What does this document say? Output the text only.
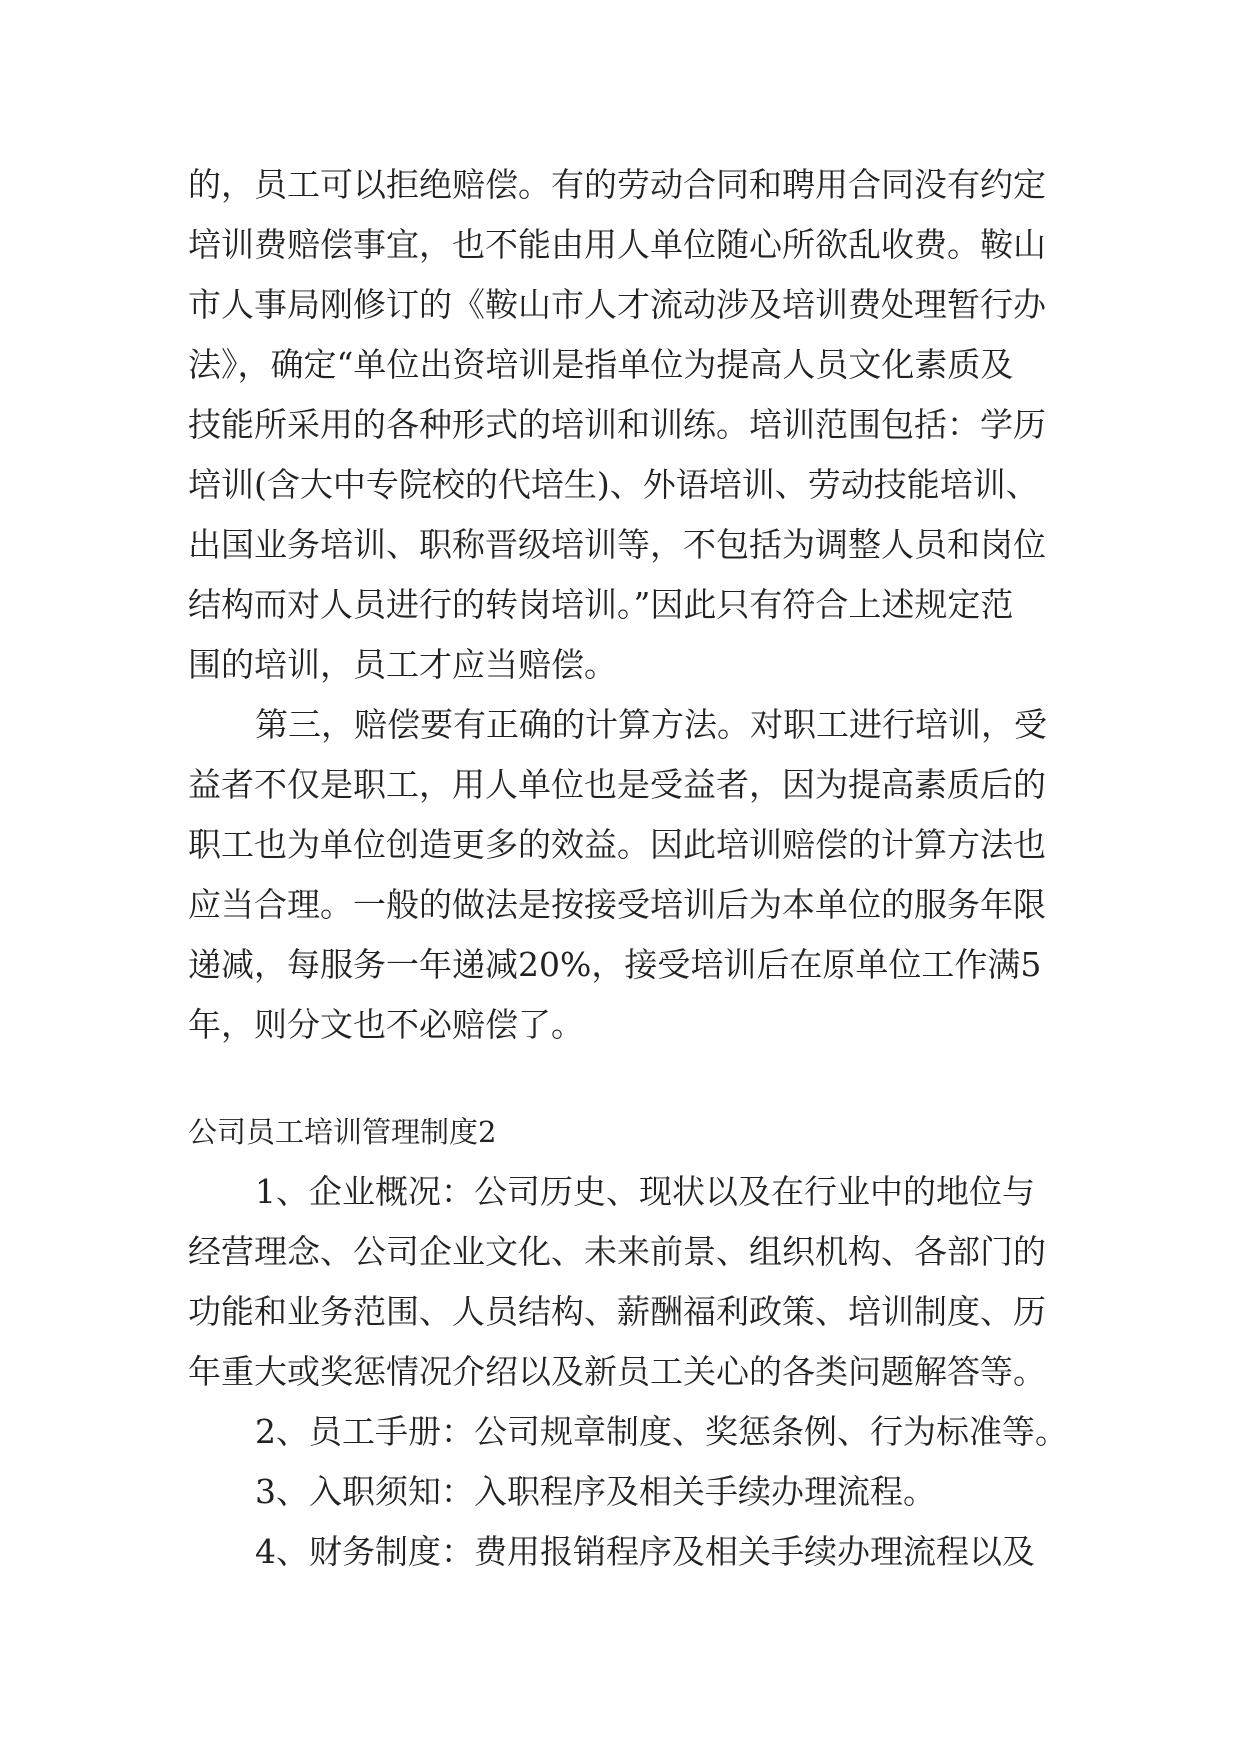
的，员工可以拒绝赔偿。有的劳动合同和聘用合同没有约定
培训费赔偿事宜，也不能由用人单位随心所欲乱收费。鞍山
市人事局刚修订的《鞍山市人才流动涉及培训费处理暂行办
法》，确定“单位出资培训是指单位为提高人员文化素质及
技能所采用的各种形式的培训和训练。培训范围包括：学历
培训(含大中专院校的代培生)、外语培训、劳动技能培训、
出国业务培训、职称晋级培训等，不包括为调整人员和岗位
结构而对人员进行的转岗培训。”因此只有符合上述规定范
围的培训，员工才应当赔偿。
第三，赔偿要有正确的计算方法。对职工进行培训，受
益者不仅是职工，用人单位也是受益者，因为提高素质后的
职工也为单位创造更多的效益。因此培训赔偿的计算方法也
应当合理。一般的做法是按接受培训后为本单位的服务年限
递减，每服务一年递减20%，接受培训后在原单位工作满5
年，则分文也不必赔偿了。
公司员工培训管理制度2
1、企业概况：公司历史、现状以及在行业中的地位与
经营理念、公司企业文化、未来前景、组织机构、各部门的
功能和业务范围、人员结构、薪酬福利政策、培训制度、历
年重大或奖惩情况介绍以及新员工关心的各类问题解答等。
2、员工手册：公司规章制度、奖惩条例、行为标准等。
3、入职须知：入职程序及相关手续办理流程。
4、财务制度：费用报销程序及相关手续办理流程以及
